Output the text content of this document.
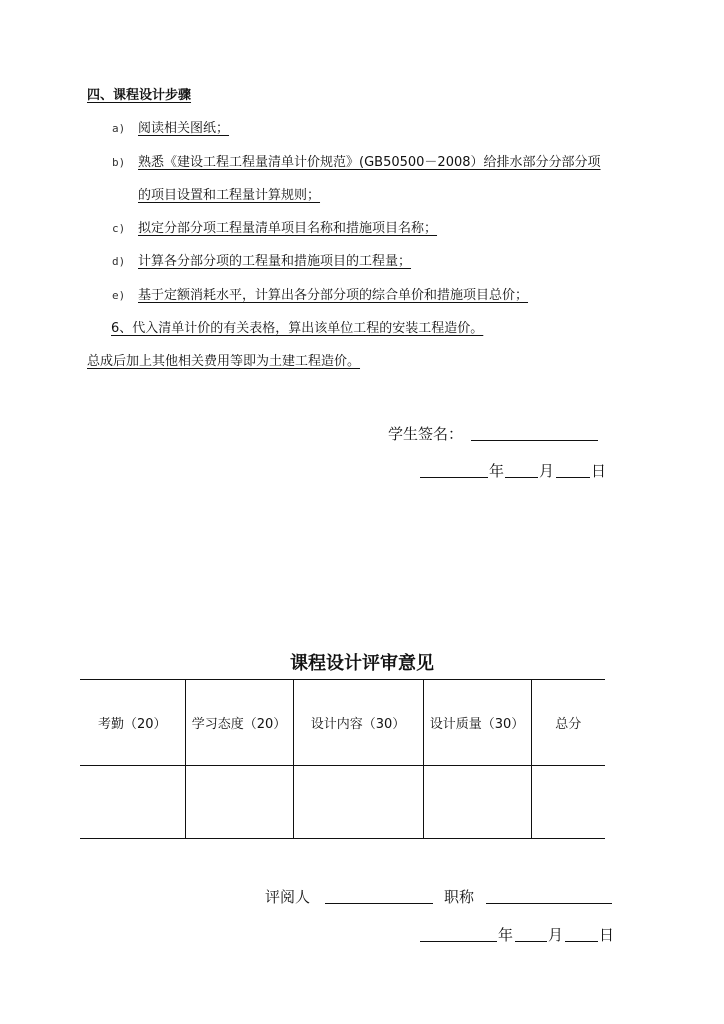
四、课程设计步骤
a) 阅读相关图纸；
b) 熟悉《建设工程工程量清单计价规范》(GB50500－2008）给排水部分分部分项
的项目设置和工程量计算规则；
c) 拟定分部分项工程量清单项目名称和措施项目名称；
d) 计算各分部分项的工程量和措施项目的工程量；
e) 基于定额消耗水平，计算出各分部分项的综合单价和措施项目总价；
6、代入清单计价的有关表格，算出该单位工程的安装工程造价。
总成后加上其他相关费用等即为土建工程造价。
学生签名：
年 月 日
课程设计评审意见
考勤（20）	学习态度（20）	设计内容（30）	设计质量（30）	总分

评阅人	职称
年 月 日
